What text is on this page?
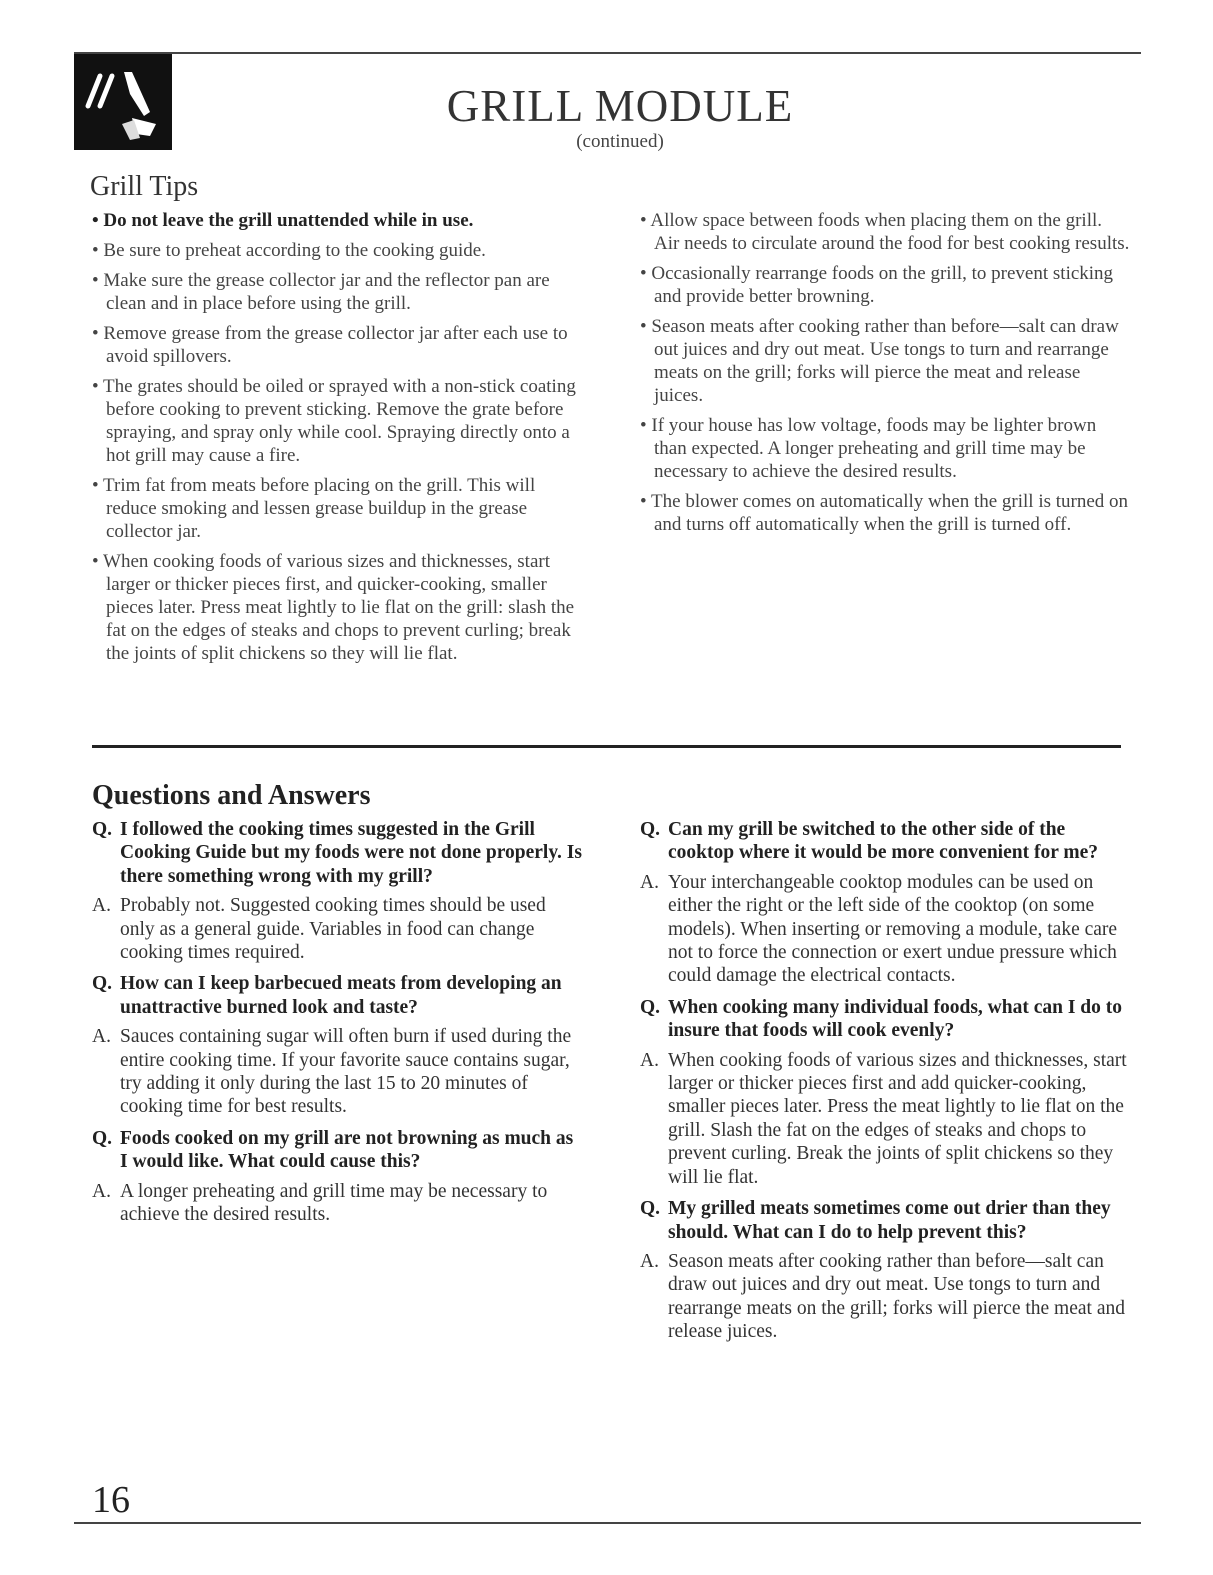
GRILL MODULE
(continued)
Grill Tips
• Do not leave the grill unattended while in use.
• Be sure to preheat according to the cooking guide.
• Make sure the grease collector jar and the reflector pan are clean and in place before using the grill.
• Remove grease from the grease collector jar after each use to avoid spillovers.
• The grates should be oiled or sprayed with a non-stick coating before cooking to prevent sticking. Remove the grate before spraying, and spray only while cool. Spraying directly onto a hot grill may cause a fire.
• Trim fat from meats before placing on the grill. This will reduce smoking and lessen grease buildup in the grease collector jar.
• When cooking foods of various sizes and thicknesses, start larger or thicker pieces first, and quicker-cooking, smaller pieces later. Press meat lightly to lie flat on the grill: slash the fat on the edges of steaks and chops to prevent curling; break the joints of split chickens so they will lie flat.
• Allow space between foods when placing them on the grill. Air needs to circulate around the food for best cooking results.
• Occasionally rearrange foods on the grill, to prevent sticking and provide better browning.
• Season meats after cooking rather than before—salt can draw out juices and dry out meat. Use tongs to turn and rearrange meats on the grill; forks will pierce the meat and release juices.
• If your house has low voltage, foods may be lighter brown than expected. A longer preheating and grill time may be necessary to achieve the desired results.
• The blower comes on automatically when the grill is turned on and turns off automatically when the grill is turned off.
Questions and Answers
Q. I followed the cooking times suggested in the Grill Cooking Guide but my foods were not done properly. Is there something wrong with my grill?
A. Probably not. Suggested cooking times should be used only as a general guide. Variables in food can change cooking times required.
Q. How can I keep barbecued meats from developing an unattractive burned look and taste?
A. Sauces containing sugar will often burn if used during the entire cooking time. If your favorite sauce contains sugar, try adding it only during the last 15 to 20 minutes of cooking time for best results.
Q. Foods cooked on my grill are not browning as much as I would like. What could cause this?
A. A longer preheating and grill time may be necessary to achieve the desired results.
Q. Can my grill be switched to the other side of the cooktop where it would be more convenient for me?
A. Your interchangeable cooktop modules can be used on either the right or the left side of the cooktop (on some models). When inserting or removing a module, take care not to force the connection or exert undue pressure which could damage the electrical contacts.
Q. When cooking many individual foods, what can I do to insure that foods will cook evenly?
A. When cooking foods of various sizes and thicknesses, start larger or thicker pieces first and add quicker-cooking, smaller pieces later. Press the meat lightly to lie flat on the grill. Slash the fat on the edges of steaks and chops to prevent curling. Break the joints of split chickens so they will lie flat.
Q. My grilled meats sometimes come out drier than they should. What can I do to help prevent this?
A. Season meats after cooking rather than before—salt can draw out juices and dry out meat. Use tongs to turn and rearrange meats on the grill; forks will pierce the meat and release juices.
16
